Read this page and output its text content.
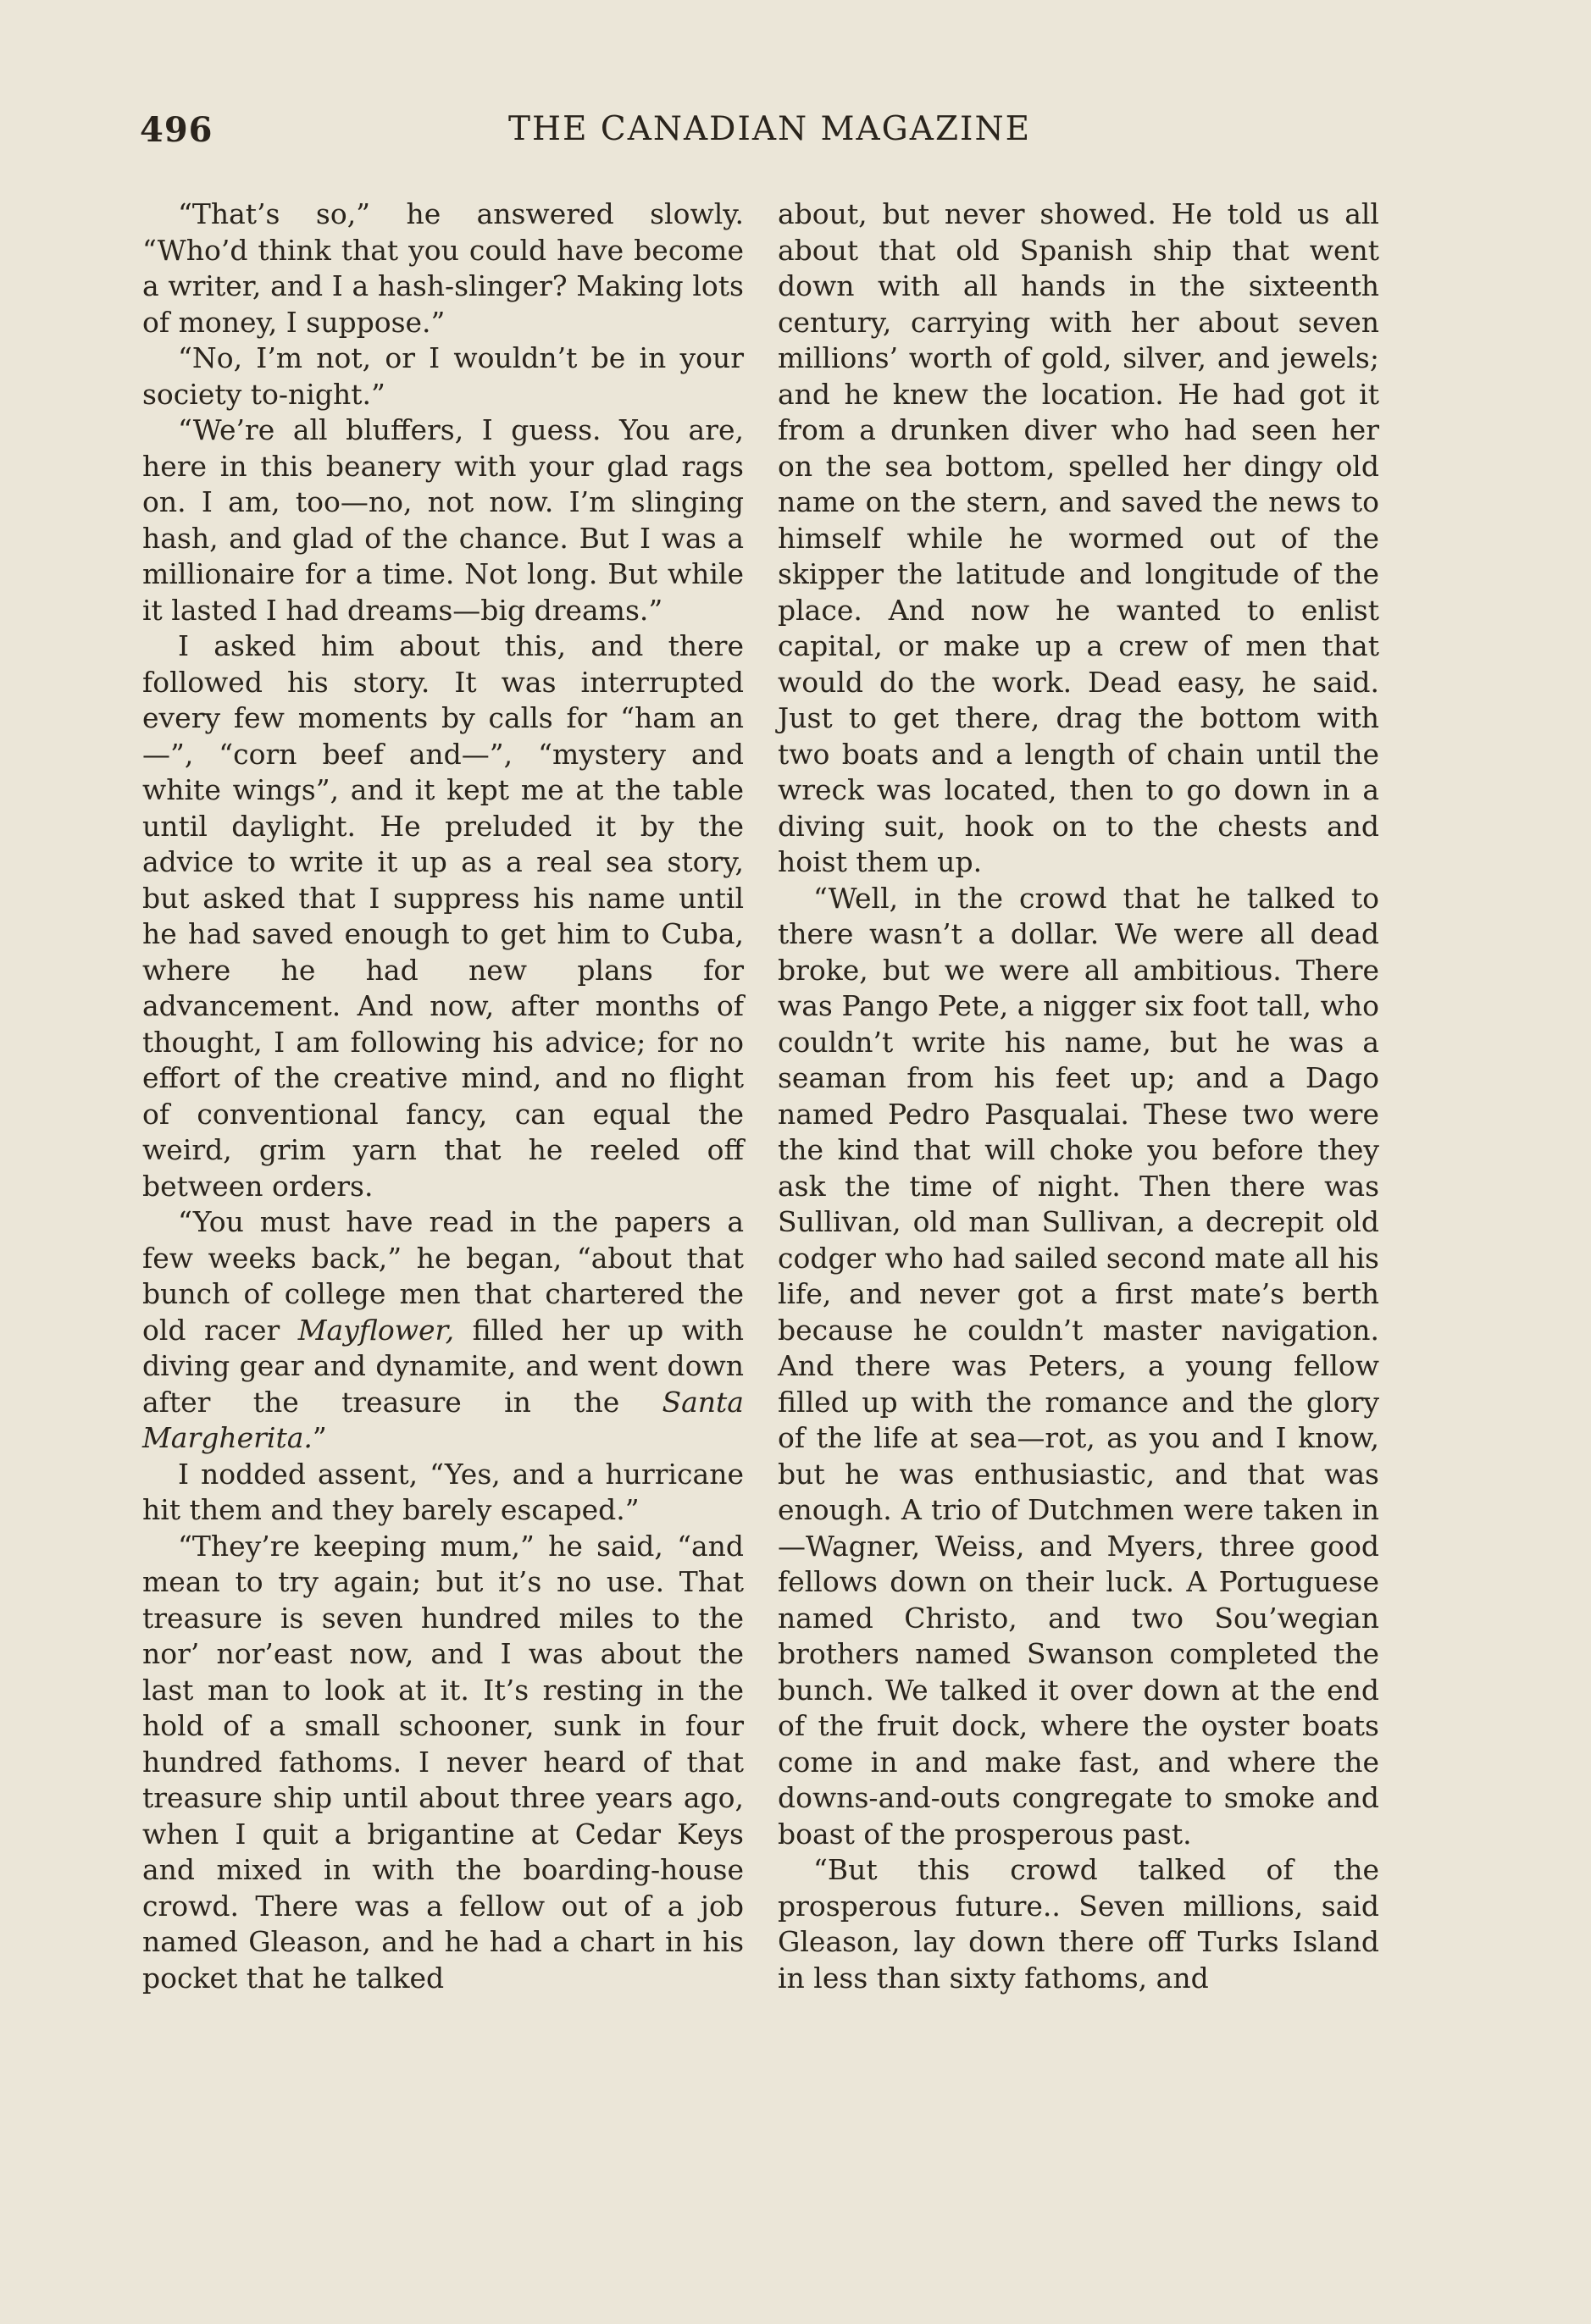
496	THE CANADIAN MAGAZINE

“That’s so,” he answered slowly. “Who’d think that you could have become a writer, and I a hash-slinger? Making lots of money, I suppose.”

“No, I’m not, or I wouldn’t be in your society to-night.”

“We’re all bluffers, I guess. You are, here in this beanery with your glad rags on. I am, too—no, not now. I’m slinging hash, and glad of the chance. But I was a millionaire for a time. Not long. But while it lasted I had dreams—big dreams.”

I asked him about this, and there followed his story. It was interrupted every few moments by calls for “ham an—”, “corn beef and—”, “mystery and white wings”, and it kept me at the table until daylight. He preluded it by the advice to write it up as a real sea story, but asked that I suppress his name until he had saved enough to get him to Cuba, where he had new plans for advancement. And now, after months of thought, I am following his advice; for no effort of the creative mind, and no flight of conventional fancy, can equal the weird, grim yarn that he reeled off between orders.

“You must have read in the papers a few weeks back,” he began, “about that bunch of college men that chartered the old racer Mayflower, filled her up with diving gear and dynamite, and went down after the treasure in the Santa Margherita.”

I nodded assent, “Yes, and a hurricane hit them and they barely escaped.”

“They’re keeping mum,” he said, “and mean to try again; but it’s no use. That treasure is seven hundred miles to the nor’ nor’east now, and I was about the last man to look at it. It’s resting in the hold of a small schooner, sunk in four hundred fathoms. I never heard of that treasure ship until about three years ago, when I quit a brigantine at Cedar Keys and mixed in with the boarding-house crowd. There was a fellow out of a job named Gleason, and he had a chart in his pocket that he talked

about, but never showed. He told us all about that old Spanish ship that went down with all hands in the sixteenth century, carrying with her about seven millions’ worth of gold, silver, and jewels; and he knew the location. He had got it from a drunken diver who had seen her on the sea bottom, spelled her dingy old name on the stern, and saved the news to himself while he wormed out of the skipper the latitude and longitude of the place. And now he wanted to enlist capital, or make up a crew of men that would do the work. Dead easy, he said. Just to get there, drag the bottom with two boats and a length of chain until the wreck was located, then to go down in a diving suit, hook on to the chests and hoist them up.

“Well, in the crowd that he talked to there wasn’t a dollar. We were all dead broke, but we were all ambitious. There was Pango Pete, a nigger six foot tall, who couldn’t write his name, but he was a seaman from his feet up; and a Dago named Pedro Pasqualai. These two were the kind that will choke you before they ask the time of night. Then there was Sullivan, old man Sullivan, a decrepit old codger who had sailed second mate all his life, and never got a first mate’s berth because he couldn’t master navigation. And there was Peters, a young fellow filled up with the romance and the glory of the life at sea—rot, as you and I know, but he was enthusiastic, and that was enough. A trio of Dutchmen were taken in—Wagner, Weiss, and Myers, three good fellows down on their luck. A Portuguese named Christo, and two Sou’wegian brothers named Swanson completed the bunch. We talked it over down at the end of the fruit dock, where the oyster boats come in and make fast, and where the downs-and-outs congregate to smoke and boast of the prosperous past.

“But this crowd talked of the prosperous future.. Seven millions, said Gleason, lay down there off Turks Island in less than sixty fathoms, and
